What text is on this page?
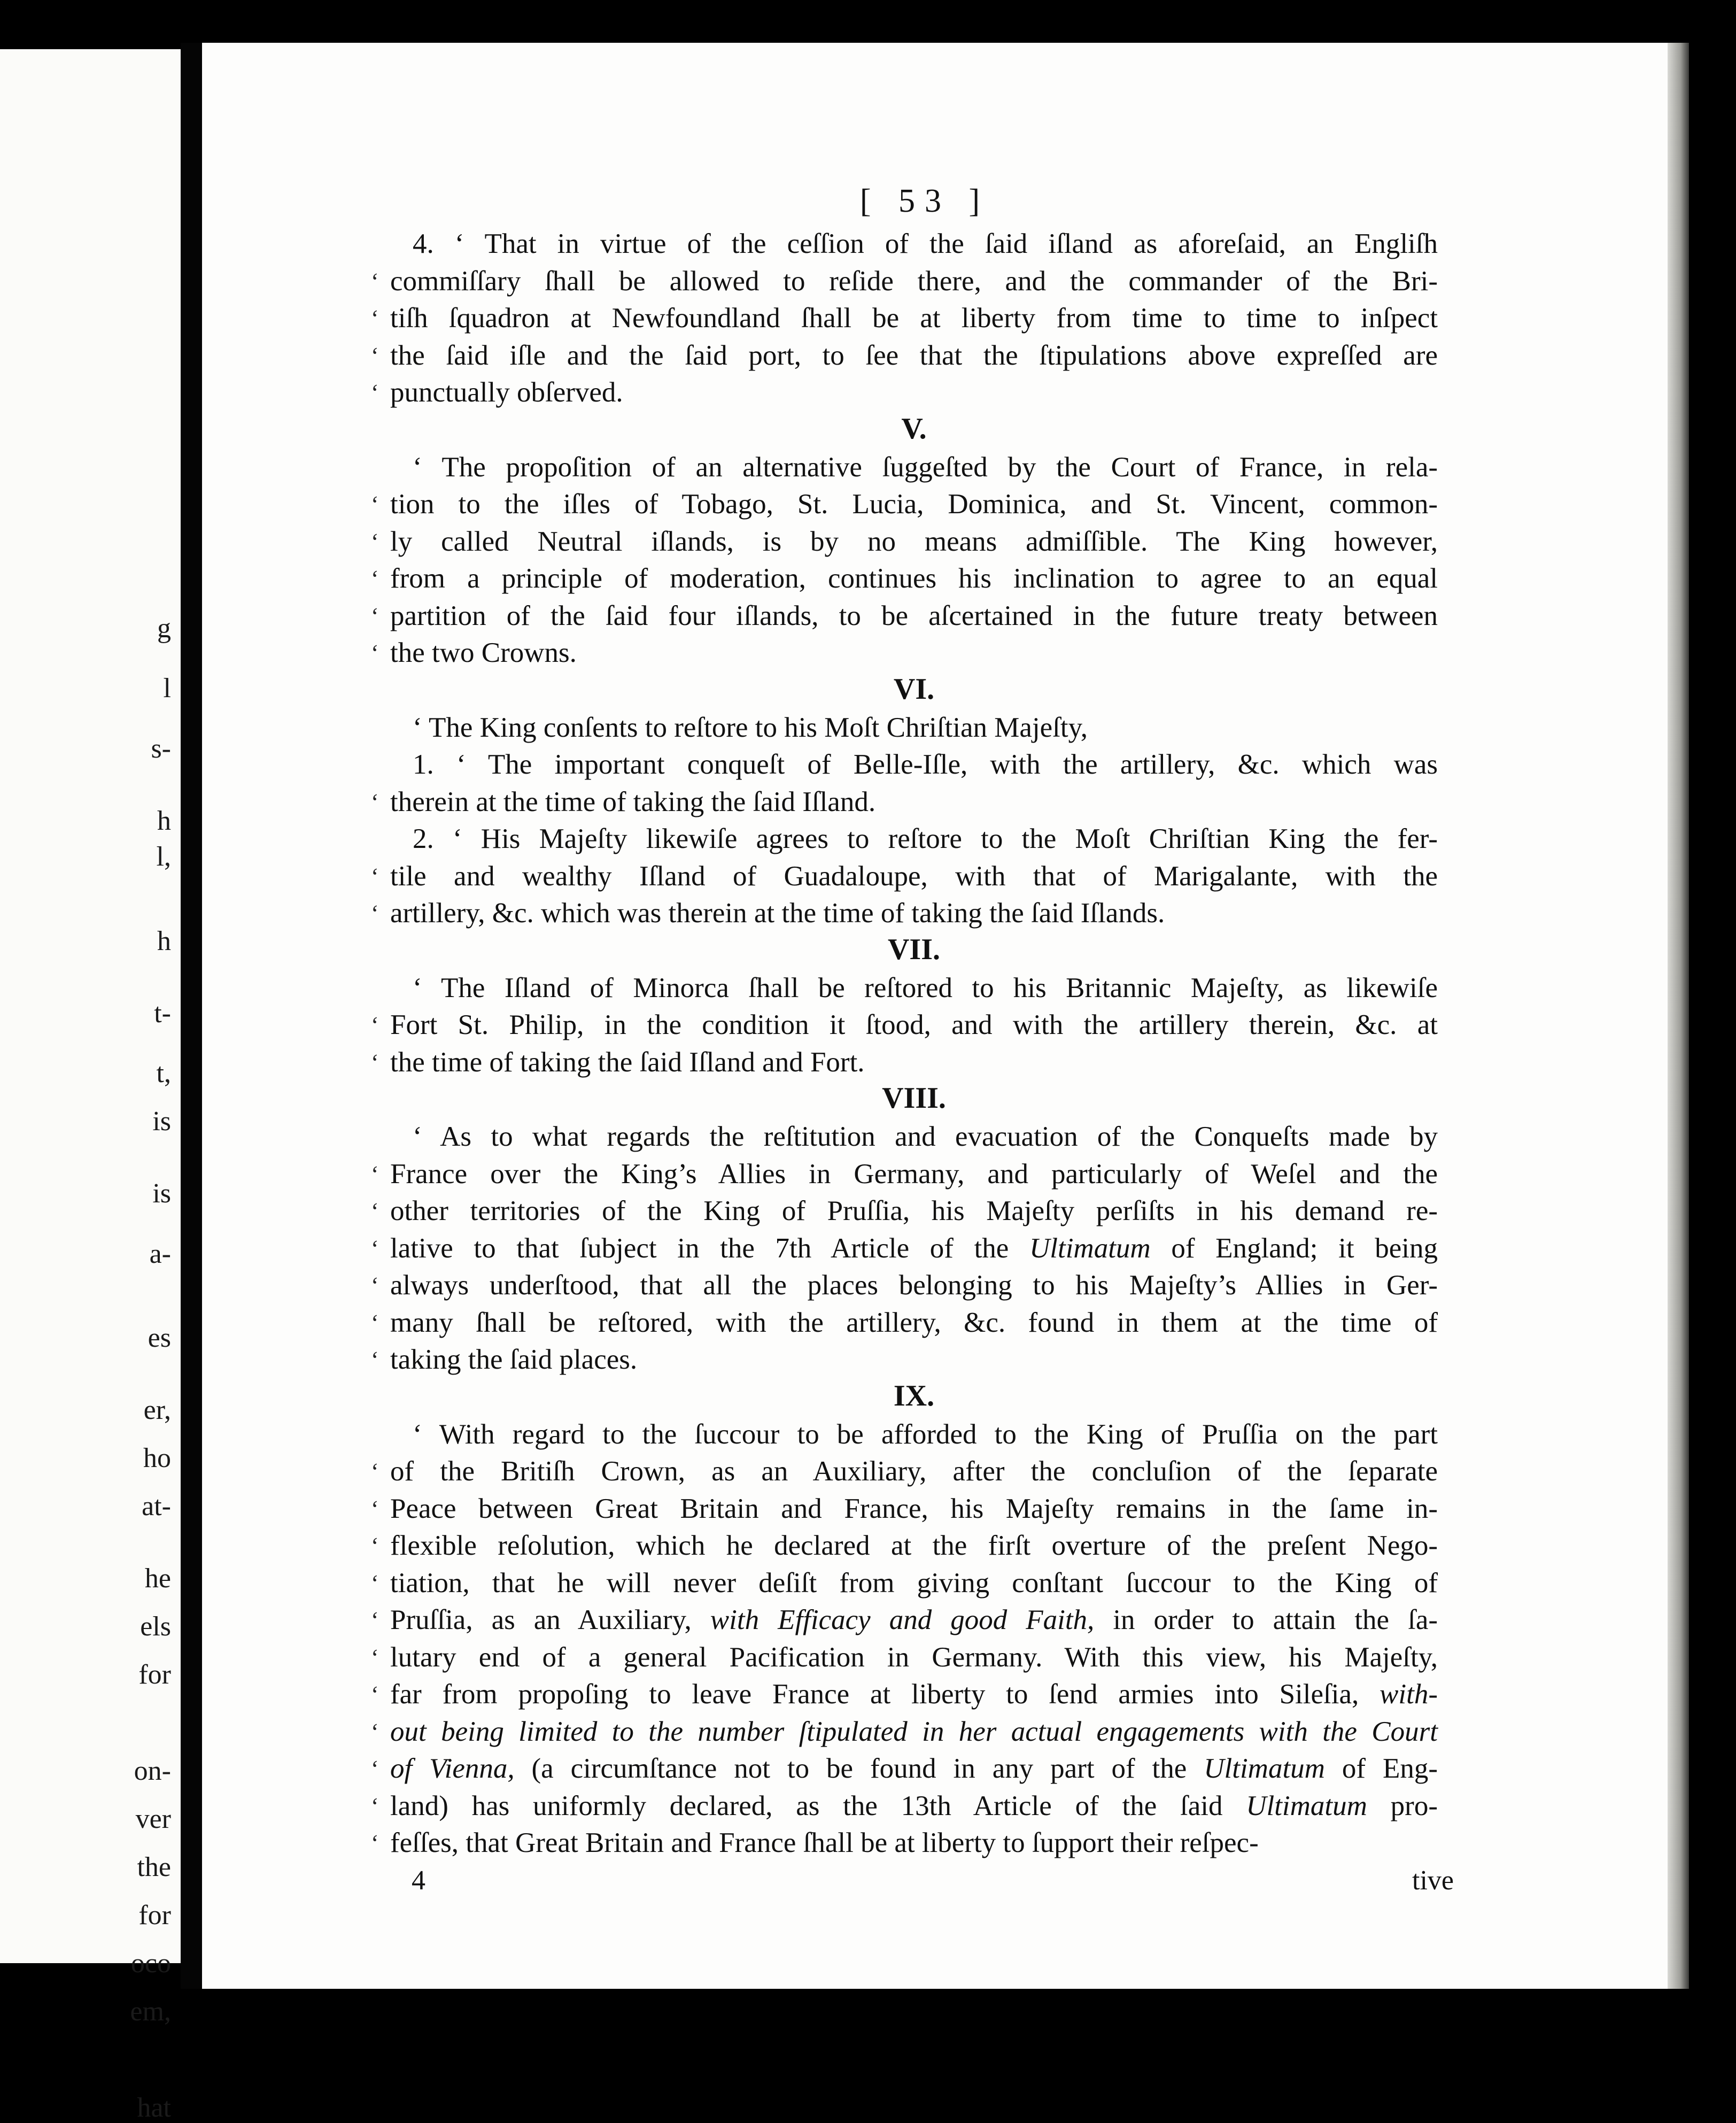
g
l
s-
h
l,
h
t-
t,
is
is
a-
es
er,
ho
at-
he
els
for
on-
ver
the
for
oco
em,
hat
[ 53 ]
4. ‘ That in virtue of the ceſſion of the ſaid iſland as aforeſaid, an Engliſh
‘ commiſſary ſhall be allowed to reſide there, and the commander of the Bri-
‘ tiſh ſquadron at Newfoundland ſhall be at liberty from time to time to inſpect
‘ the ſaid iſle and the ſaid port, to ſee that the ſtipulations above expreſſed are
‘ punctually obſerved.
V.
‘ The propoſition of an alternative ſuggeſted by the Court of France, in rela-
‘ tion to the iſles of Tobago, St. Lucia, Dominica, and St. Vincent, common-
‘ ly called Neutral iſlands, is by no means admiſſible. The King however,
‘ from a principle of moderation, continues his inclination to agree to an equal
‘ partition of the ſaid four iſlands, to be aſcertained in the future treaty between
‘ the two Crowns.
VI.
‘ The King conſents to reſtore to his Moſt Chriſtian Majeſty,
1. ‘ The important conqueſt of Belle-Iſle, with the artillery, &c. which was
‘ therein at the time of taking the ſaid Iſland.
2. ‘ His Majeſty likewiſe agrees to reſtore to the Moſt Chriſtian King the fer-
‘ tile and wealthy Iſland of Guadaloupe, with that of Marigalante, with the
‘ artillery, &c. which was therein at the time of taking the ſaid Iſlands.
VII.
‘ The Iſland of Minorca ſhall be reſtored to his Britannic Majeſty, as likewiſe
‘ Fort St. Philip, in the condition it ſtood, and with the artillery therein, &c. at
‘ the time of taking the ſaid Iſland and Fort.
VIII.
‘ As to what regards the reſtitution and evacuation of the Conqueſts made by
‘ France over the King’s Allies in Germany, and particularly of Weſel and the
‘ other territories of the King of Pruſſia, his Majeſty perſiſts in his demand re-
‘ lative to that ſubject in the 7th Article of the Ultimatum of England; it being
‘ always underſtood, that all the places belonging to his Majeſty’s Allies in Ger-
‘ many ſhall be reſtored, with the artillery, &c. found in them at the time of
‘ taking the ſaid places.
IX.
‘ With regard to the ſuccour to be afforded to the King of Pruſſia on the part
‘ of the Britiſh Crown, as an Auxiliary, after the concluſion of the ſeparate
‘ Peace between Great Britain and France, his Majeſty remains in the ſame in-
‘ flexible reſolution, which he declared at the firſt overture of the preſent Nego-
‘ tiation, that he will never deſiſt from giving conſtant ſuccour to the King of
‘ Pruſſia, as an Auxiliary, with Efficacy and good Faith, in order to attain the ſa-
‘ lutary end of a general Pacification in Germany. With this view, his Majeſty,
‘ far from propoſing to leave France at liberty to ſend armies into Sileſia, with-
‘ out being limited to the number ſtipulated in her actual engagements with the Court
‘ of Vienna, (a circumſtance not to be found in any part of the Ultimatum of Eng-
‘ land) has uniformly declared, as the 13th Article of the ſaid Ultimatum pro-
‘ feſſes, that Great Britain and France ſhall be at liberty to ſupport their reſpec-
4	tive
